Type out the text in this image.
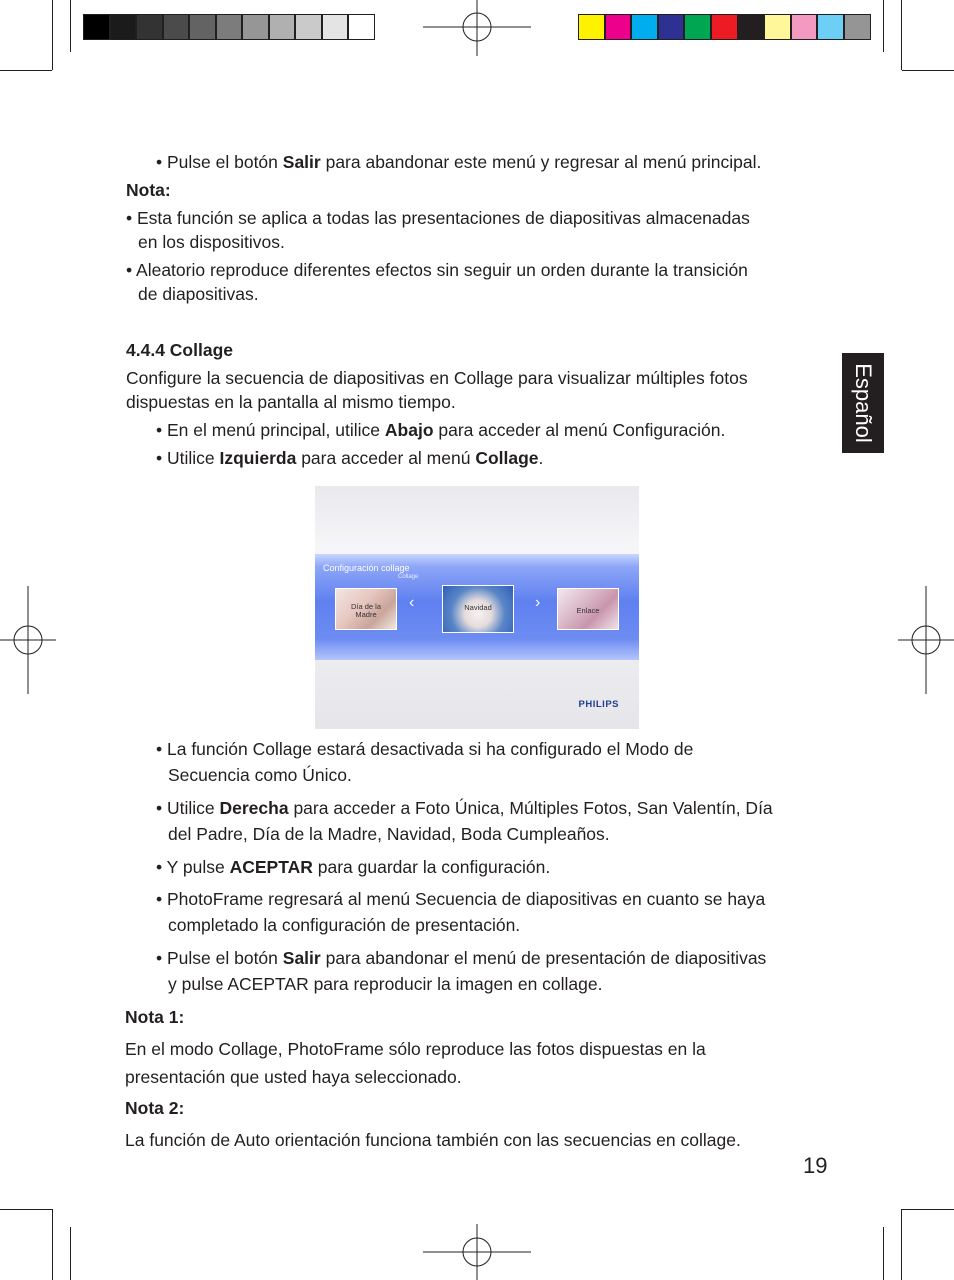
Español
• Pulse el botón Salir para abandonar este menú y regresar al menú principal.
Nota:
• Esta función se aplica a todas las presentaciones de diapositivas almacenadas
en los dispositivos.
• Aleatorio reproduce diferentes efectos sin seguir un orden durante la transición
de diapositivas.
4.4.4 Collage
Configure la secuencia de diapositivas en Collage para visualizar múltiples fotos
dispuestas en la pantalla al mismo tiempo.
• En el menú principal, utilice Abajo para acceder al menú Configuración.
• Utilice Izquierda para acceder al menú Collage.
Configuración collage
Collage
Día de la Madre
‹	Navidad	›	Enlace
PHILIPS
• La función Collage estará desactivada si ha configurado el Modo de
Secuencia como Único.
• Utilice Derecha para acceder a Foto Única, Múltiples Fotos, San Valentín, Día
del Padre, Día de la Madre, Navidad, Boda Cumpleaños.
• Y pulse ACEPTAR para guardar la configuración.
• PhotoFrame regresará al menú Secuencia de diapositivas en cuanto se haya
completado la configuración de presentación.
• Pulse el botón Salir para abandonar el menú de presentación de diapositivas
y pulse ACEPTAR para reproducir la imagen en collage.
Nota 1:
En el modo Collage, PhotoFrame sólo reproduce las fotos dispuestas en la
presentación que usted haya seleccionado.
Nota 2:
La función de Auto orientación funciona también con las secuencias en collage.
19
